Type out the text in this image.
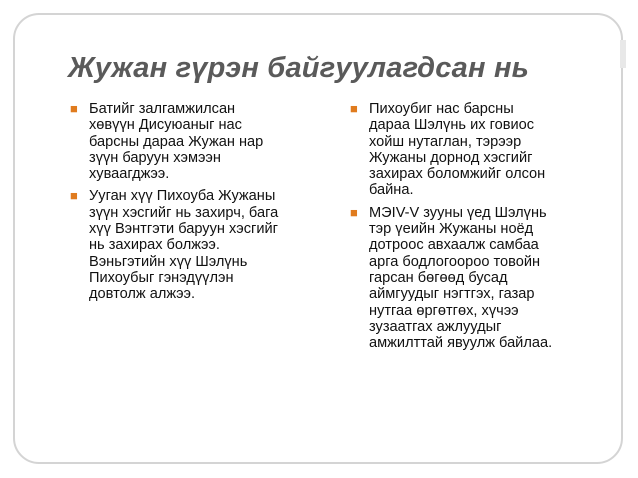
Жужан гүрэн байгуулагдсан нь
■ Батийг залгамжилсан
хөвүүн Дисуюаныг нас
барсны дараа Жужан нар
зүүн баруун хэмээн
хуваагджээ.
■ Ууган хүү Пихоуба Жужаны
зүүн хэсгийг нь захирч, бага
хүү Вэнтгэти баруун хэсгийг
нь захирах болжээ.
Вэньгэтийн хүү Шэлүнь
Пихоубыг гэнэдүүлэн
довтолж алжээ.
■ Пихоубиг нас барсны
дараа Шэлүнь их говиос
хойш нутаглан, тэрээр
Жужаны дорнод хэсгийг
захирах боломжийг олсон
байна.
■ МЭIV-V зууны үед Шэлүнь
тэр үеийн Жужаны ноёд
дотроос авхаалж самбаа
арга бодлогоороо товойн
гарсан бөгөөд бусад
аймгуудыг нэгтгэх, газар
нутгаа өргөтгөх, хүчээ
зузаатгах ажлуудыг
амжилттай явуулж байлаа.
